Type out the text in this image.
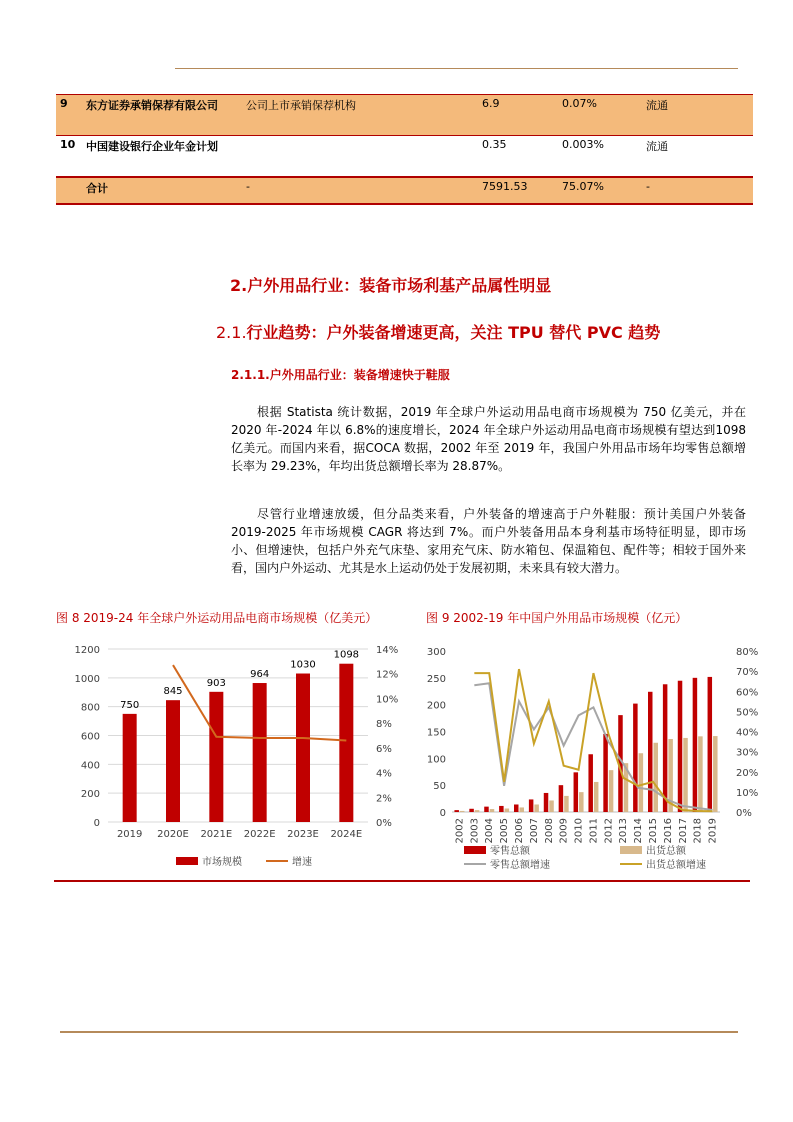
9	东方证券承销保荐有限公司	公司上市承销保荐机构	6.9	0.07%	流通
10	中国建设银行企业年金计划		0.35	0.003%	流通
	合计	-	7591.53	75.07%	-
2.户外用品行业：装备市场利基产品属性明显
2.1.行业趋势：户外装备增速更高，关注 TPU 替代 PVC 趋势
2.1.1.户外用品行业：装备增速快于鞋服
根据 Statista 统计数据，2019 年全球户外运动用品电商市场规模为 750 亿美元，并在 2020 年-2024 年以 6.8%的速度增长，2024 年全球户外运动用品电商市场规模有望达到1098 亿美元。而国内来看，据COCA 数据，2002 年至 2019 年，我国户外用品市场年均零售总额增长率为 29.23%，年均出货总额增长率为 28.87%。
尽管行业增速放缓，但分品类来看，户外装备的增速高于户外鞋服：预计美国户外装备 2019-2025 年市场规模 CAGR 将达到 7%。而户外装备用品本身利基市场特征明显，即市场小、但增速快，包括户外充气床垫、家用充气床、防水箱包、保温箱包、配件等；相较于国外来看，国内户外运动、尤其是水上运动仍处于发展初期，未来具有较大潜力。
图 8 2019-24 年全球户外运动用品电商市场规模（亿美元）	图 9 2002-19 年中国户外用品市场规模（亿元）
0
200
400
600
800
1000
1200
0%
2%
4%
6%
8%
10%
12%
14%
750
2019
845
2020E
903
2021E
964
2022E
1030
2023E
1098
2024E
市场规模	增速
0
50
100
150
200
250
300
0%
10%
20%
30%
40%
50%
60%
70%
80%
2002 2003 2004 2005 2006 2007 2008 2009 2010 2011 2012 2013 2014 2015 2016 2017 2018 2019
零售总额	出货总额
零售总额增速	出货总额增速
